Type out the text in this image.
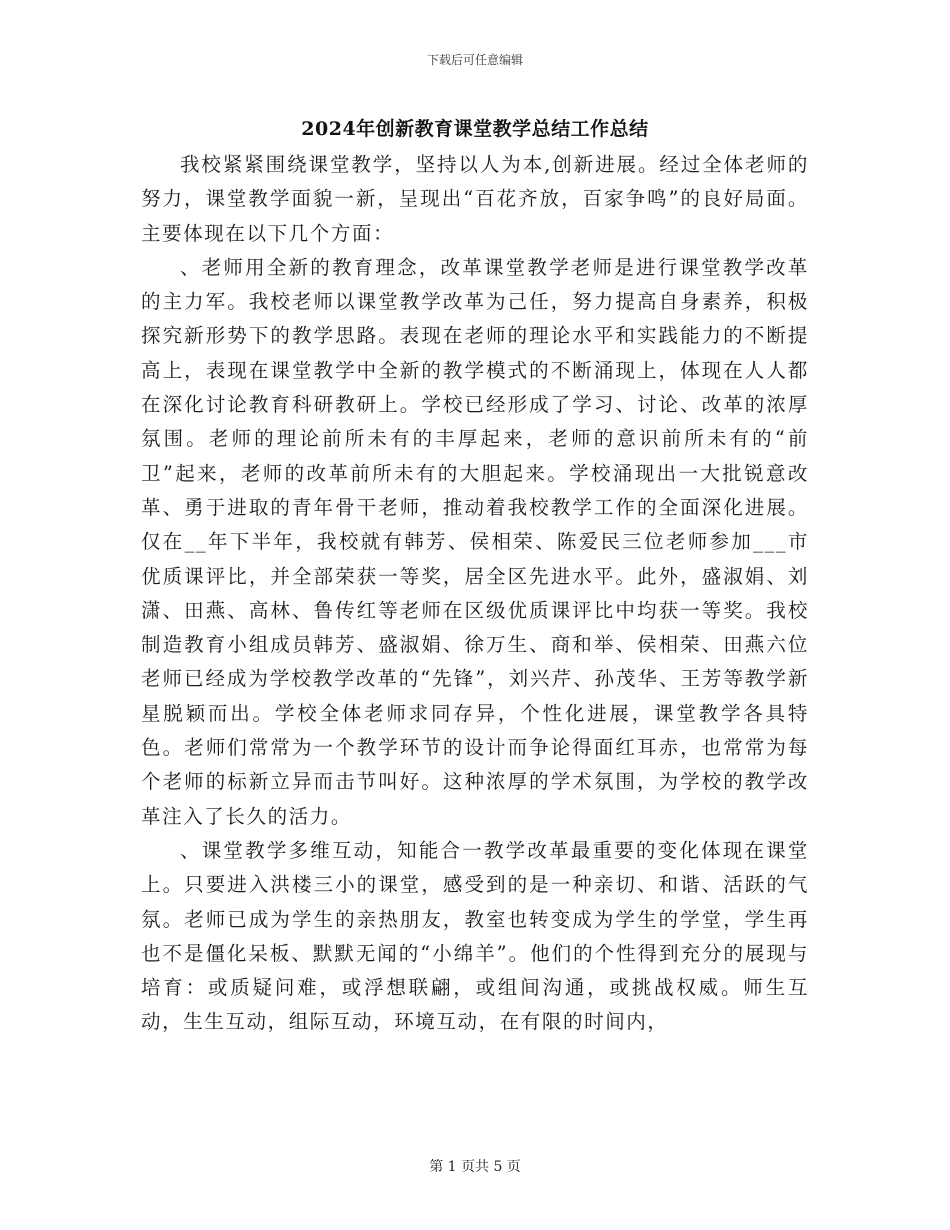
下载后可任意编辑
2024年创新教育课堂教学总结工作总结

我校紧紧围绕课堂教学，坚持以人为本,创新进展。经过全体老师的努力，课堂教学面貌一新，呈现出“百花齐放，百家争鸣”的良好局面。主要体现在以下几个方面：

、老师用全新的教育理念，改革课堂教学老师是进行课堂教学改革的主力军。我校老师以课堂教学改革为己任，努力提高自身素养，积极探究新形势下的教学思路。表现在老师的理论水平和实践能力的不断提高上，表现在课堂教学中全新的教学模式的不断涌现上，体现在人人都在深化讨论教育科研教研上。学校已经形成了学习、讨论、改革的浓厚氛围。老师的理论前所未有的丰厚起来，老师的意识前所未有的“前卫”起来，老师的改革前所未有的大胆起来。学校涌现出一大批锐意改革、勇于进取的青年骨干老师，推动着我校教学工作的全面深化进展。仅在__年下半年，我校就有韩芳、侯相荣、陈爱民三位老师参加___市优质课评比，并全部荣获一等奖，居全区先进水平。此外，盛淑娟、刘潇、田燕、高林、鲁传红等老师在区级优质课评比中均获一等奖。我校制造教育小组成员韩芳、盛淑娟、徐万生、商和举、侯相荣、田燕六位老师已经成为学校教学改革的“先锋”，刘兴芹、孙茂华、王芳等教学新星脱颖而出。学校全体老师求同存异，个性化进展，课堂教学各具特色。老师们常常为一个教学环节的设计而争论得面红耳赤，也常常为每个老师的标新立异而击节叫好。这种浓厚的学术氛围，为学校的教学改革注入了长久的活力。

、课堂教学多维互动，知能合一教学改革最重要的变化体现在课堂上。只要进入洪楼三小的课堂，感受到的是一种亲切、和谐、活跃的气氛。老师已成为学生的亲热朋友，教室也转变成为学生的学堂，学生再也不是僵化呆板、默默无闻的“小绵羊”。他们的个性得到充分的展现与培育：或质疑问难，或浮想联翩，或组间沟通，或挑战权威。师生互动，生生互动，组际互动，环境互动，在有限的时间内，

第 1 页共 5 页
